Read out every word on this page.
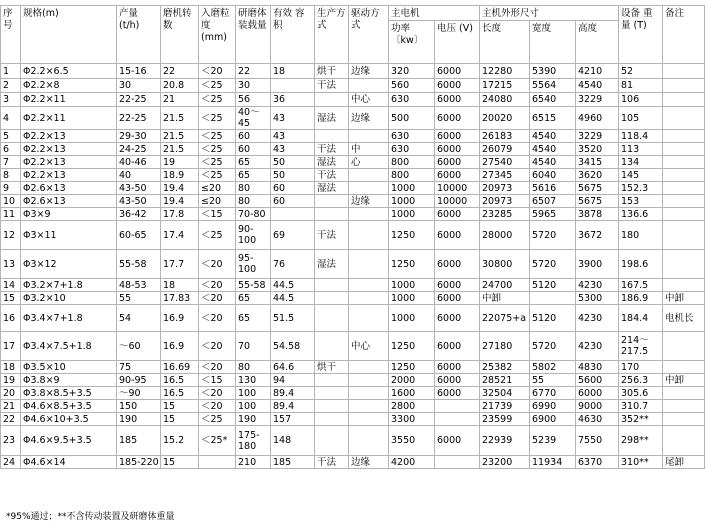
序号	规格(m)	产量 (t/h)	磨机转数	入磨粒度 (mm)	研磨体装载量	有效 容积	生产方式	驱动方式	主电机		主机外形尺寸			设备 重量 (T)	备注
									功率 〔kw〕	电压 (V)	长度	宽度	高度		
1	Φ2.2×6.5	15-16	22	＜20	22	18	烘干	边缘	320	6000	12280	5390	4210	52	
2	Φ2.2×8	30	20.8	＜25	30		干法		560	6000	17215	5564	4540	81	
3	Φ2.2×11	22-25	21	＜25	56	36		中心	630	6000	24080	6540	3229	106	
4	Φ2.2×11	22-25	21.5	＜25	40～45	43	湿法	边缘	500	6000	20020	6515	4960	105	
5	Φ2.2×13	29-30	21.5	＜25	60	43			630	6000	26183	4540	3229	118.4	
6	Φ2.2×13	24-25	21.5	＜25	60	43	干法	中	630	6000	26079	4540	3520	113	
7	Φ2.2×13	40-46	19	＜25	65	50	湿法	心	800	6000	27540	4540	3415	134	
8	Φ2.2×13	40	18.9	＜25	65	50	干法		800	6000	27345	6040	3620	145	
9	Φ2.6×13	43-50	19.4	≤20	80	60	湿法		1000	10000	20973	5616	5675	152.3	
10	Φ2.6×13	43-50	19.4	≤20	80	60		边缘	1000	10000	20973	6507	5675	153	
11	Φ3×9	36-42	17.8	＜15	70-80				1000	6000	23285	5965	3878	136.6	
12	Φ3×11	60-65	17.4	＜25	90-100	69	干法		1250	6000	28000	5720	3672	180	
13	Φ3×12	55-58	17.7	＜20	95-100	76	湿法		1250	6000	30800	5720	3900	198.6	
14	Φ3.2×7+1.8	48-53	18	＜20	55-58	44.5			1000	6000	24700	5120	4230	167.5	
15	Φ3.2×10	55	17.83	＜20	65	44.5			1000	6000	中卸		5300	186.9	中卸
16	Φ3.4×7+1.8	54	16.9	＜20	65	51.5			1000	6000	22075+a	5120	4230	184.4	电机长
17	Φ3.4×7.5+1.8	～60	16.9	＜20	70	54.58		中心	1250	6000	27180	5720	4230	214～217.5	
18	Φ3.5×10	75	16.69	＜20	80	64.6	烘干		1250	6000	25382	5802	4830	170	
19	Φ3.8×9	90-95	16.5	＜15	130	94			2000	6000	28521	55	5600	256.3	中卸
20	Φ3.8×8.5+3.5	～90	16.5	＜20	100	89.4			1600	6000	32504	6770	6000	305.6	
21	Φ4.6×8.5+3.5	150	15	＜20	100	89.4			2800		21739	6990	9000	310.7	
22	Φ4.6×10+3.5	190	15	＜25	190	157			3300		23599	6900	4630	352**	
23	Φ4.6×9.5+3.5	185	15.2	＜25*	175-180	148			3550	6000	22939	5239	7550	298**	
24	Φ4.6×14	185-220	15		210	185	干法	边缘	4200		23200	11934	6370	310**	尾卸
*95%通过；**不含传动装置及研磨体重量
